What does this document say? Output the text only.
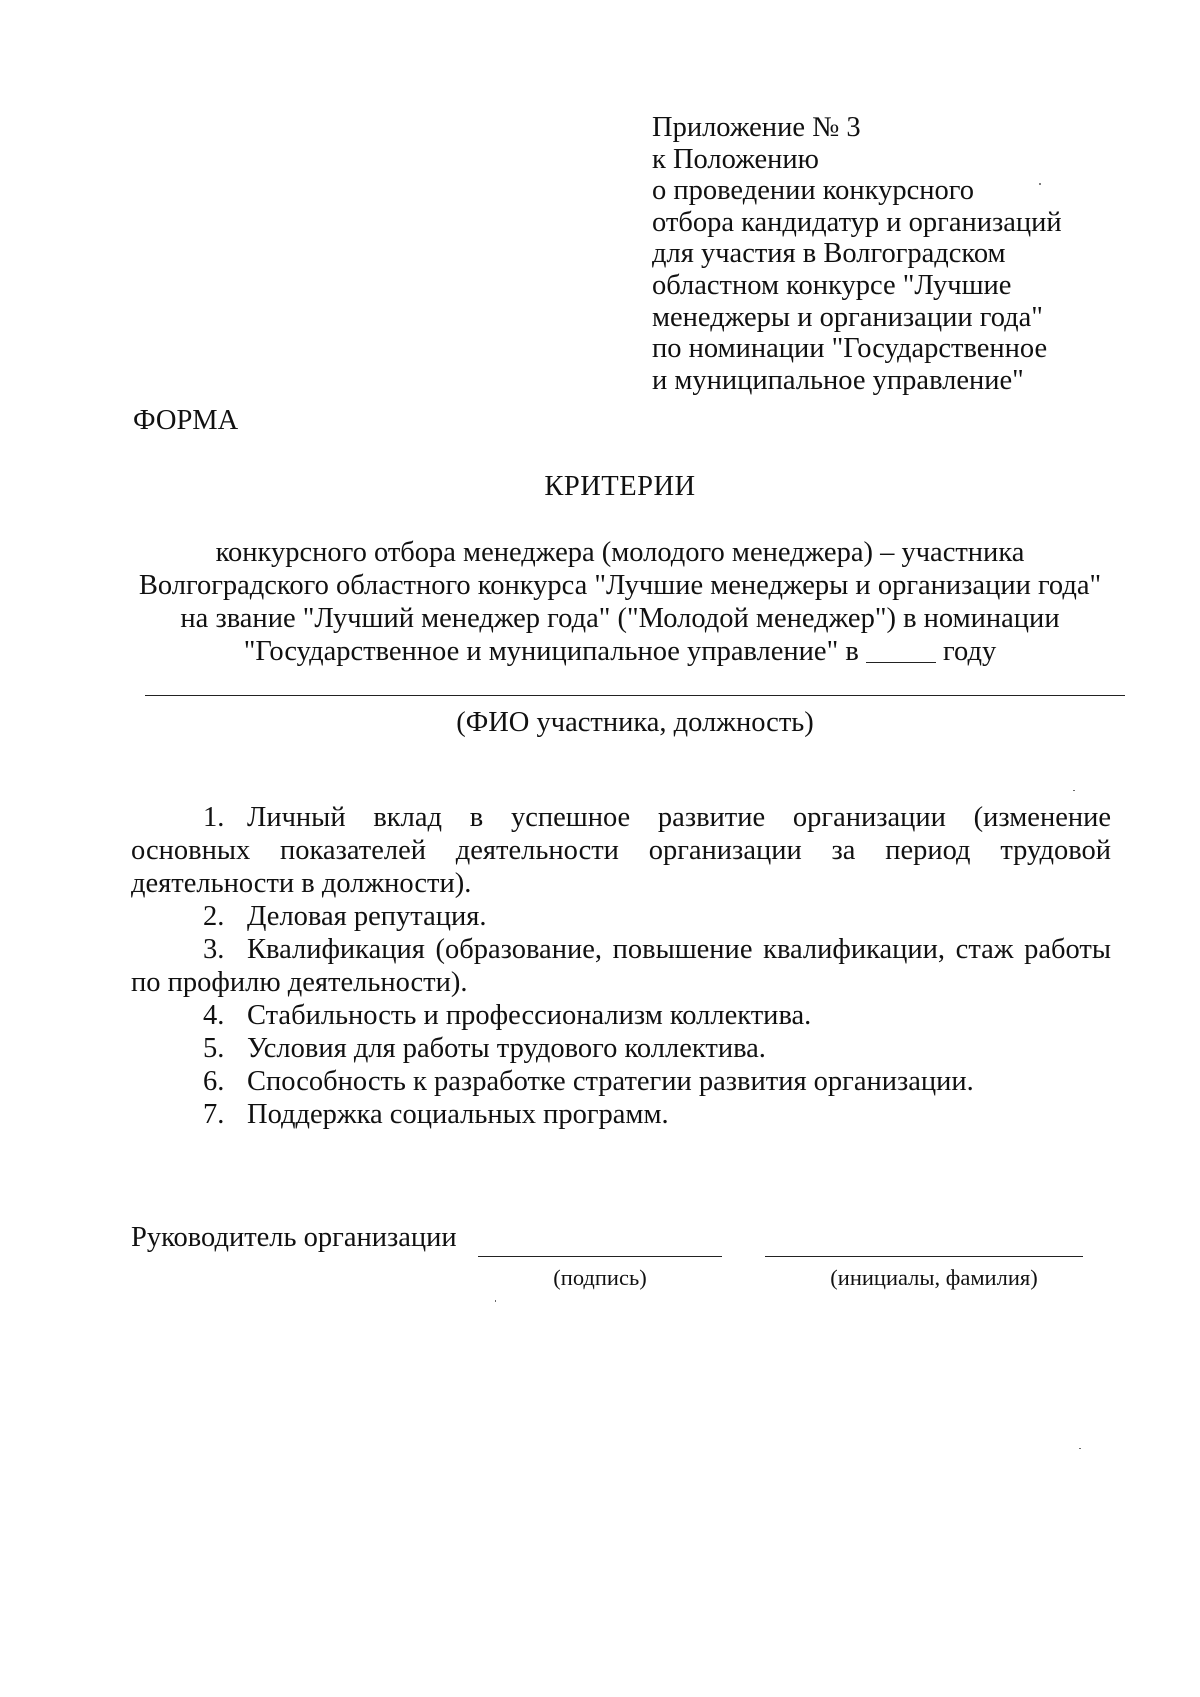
Приложение № 3
к Положению
о проведении конкурсного
отбора кандидатур и организаций
для участия в Волгоградском
областном конкурсе "Лучшие
менеджеры и организации года"
по номинации "Государственное
и муниципальное управление"
ФОРМА
КРИТЕРИИ
конкурсного отбора менеджера (молодого менеджера) – участника
Волгоградского областного конкурса "Лучшие менеджеры и организации года"
на звание "Лучший менеджер года" ("Молодой менеджер") в номинации
"Государственное и муниципальное управление" в	году
(ФИО участника, должность)
1. Личный вклад в успешное развитие организации (изменение основных показателей деятельности организации за период трудовой деятельности в должности).
2. Деловая репутация.
3. Квалификация (образование, повышение квалификации, стаж работы по профилю деятельности).
4. Стабильность и профессионализм коллектива.
5. Условия для работы трудового коллектива.
6. Способность к разработке стратегии развития организации.
7. Поддержка социальных программ.
Руководитель организации
(подпись)	(инициалы, фамилия)
